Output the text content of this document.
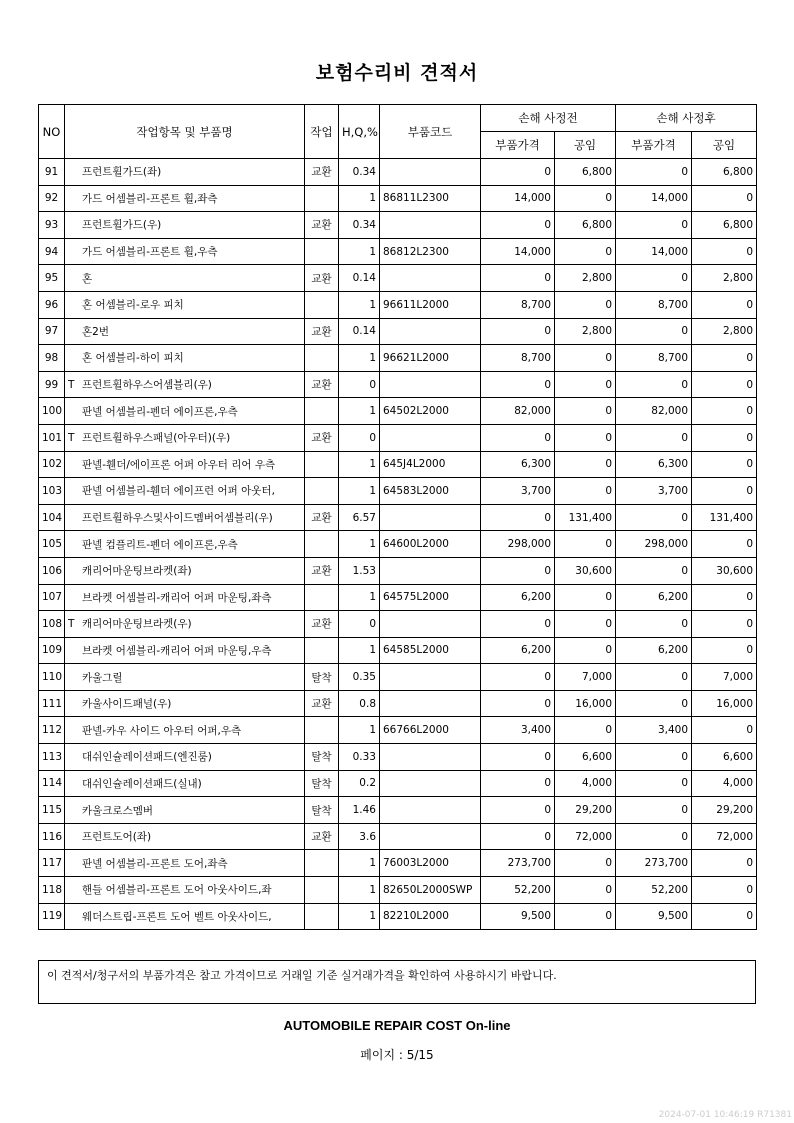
보험수리비 견적서
NO	작업항목 및 부품명	작업	H,Q,%	부품코드	손해 사정전		손해 사정후	
					부품가격	공임	부품가격	공임
91	프런트휠가드(좌)	교환	0.34		0	6,800	0	6,800
92	가드 어셈블리-프론트 휠,좌측		1	86811L2300	14,000	0	14,000	0
93	프런트휠가드(우)	교환	0.34		0	6,800	0	6,800
94	가드 어셈블리-프론트 휠,우측		1	86812L2300	14,000	0	14,000	0
95	혼	교환	0.14		0	2,800	0	2,800
96	혼 어셈블리-로우 피치		1	96611L2000	8,700	0	8,700	0
97	혼2번	교환	0.14		0	2,800	0	2,800
98	혼 어셈블리-하이 피치		1	96621L2000	8,700	0	8,700	0
99	T 프런트휠하우스어셈블리(우)	교환	0		0	0	0	0
100	판넬 어셈블리-펜더 에이프론,우측		1	64502L2000	82,000	0	82,000	0
101	T 프런트휠하우스패널(아우터)(우)	교환	0		0	0	0	0
102	판넬-휀더/에이프론 어퍼 아우터 리어 우측		1	645J4L2000	6,300	0	6,300	0
103	판넬 어셈블리-휀더 에이프런 어퍼 아웃터,		1	64583L2000	3,700	0	3,700	0
104	프런트휠하우스및사이드멤버어셈블리(우)	교환	6.57		0	131,400	0	131,400
105	판넬 컴플리트-펜더 에이프론,우측		1	64600L2000	298,000	0	298,000	0
106	캐리어마운팅브라켓(좌)	교환	1.53		0	30,600	0	30,600
107	브라켓 어셈블리-캐리어 어퍼 마운팅,좌측		1	64575L2000	6,200	0	6,200	0
108	T 캐리어마운팅브라켓(우)	교환	0		0	0	0	0
109	브라켓 어셈블리-캐리어 어퍼 마운팅,우측		1	64585L2000	6,200	0	6,200	0
110	카울그릴	탈착	0.35		0	7,000	0	7,000
111	카울사이드패널(우)	교환	0.8		0	16,000	0	16,000
112	판넬-카우 사이드 아우터 어퍼,우측		1	66766L2000	3,400	0	3,400	0
113	대쉬인슐레이션패드(엔진룸)	탈착	0.33		0	6,600	0	6,600
114	대쉬인슐레이션패드(실내)	탈착	0.2		0	4,000	0	4,000
115	카울크로스멤버	탈착	1.46		0	29,200	0	29,200
116	프런트도어(좌)	교환	3.6		0	72,000	0	72,000
117	판넬 어셈블리-프론트 도어,좌측		1	76003L2000	273,700	0	273,700	0
118	핸들 어셈블리-프론트 도어 아웃사이드,좌		1	82650L2000SWP	52,200	0	52,200	0
119	웨더스트립-프론트 도어 벨트 아웃사이드,		1	82210L2000	9,500	0	9,500	0
이 견적서/청구서의 부품가격은 참고 가격이므로 거래일 기준 실거래가격을 확인하여 사용하시기 바랍니다.
AUTOMOBILE REPAIR COST On-line
페이지 : 5/15
2024-07-01 10:46:19 R71381
